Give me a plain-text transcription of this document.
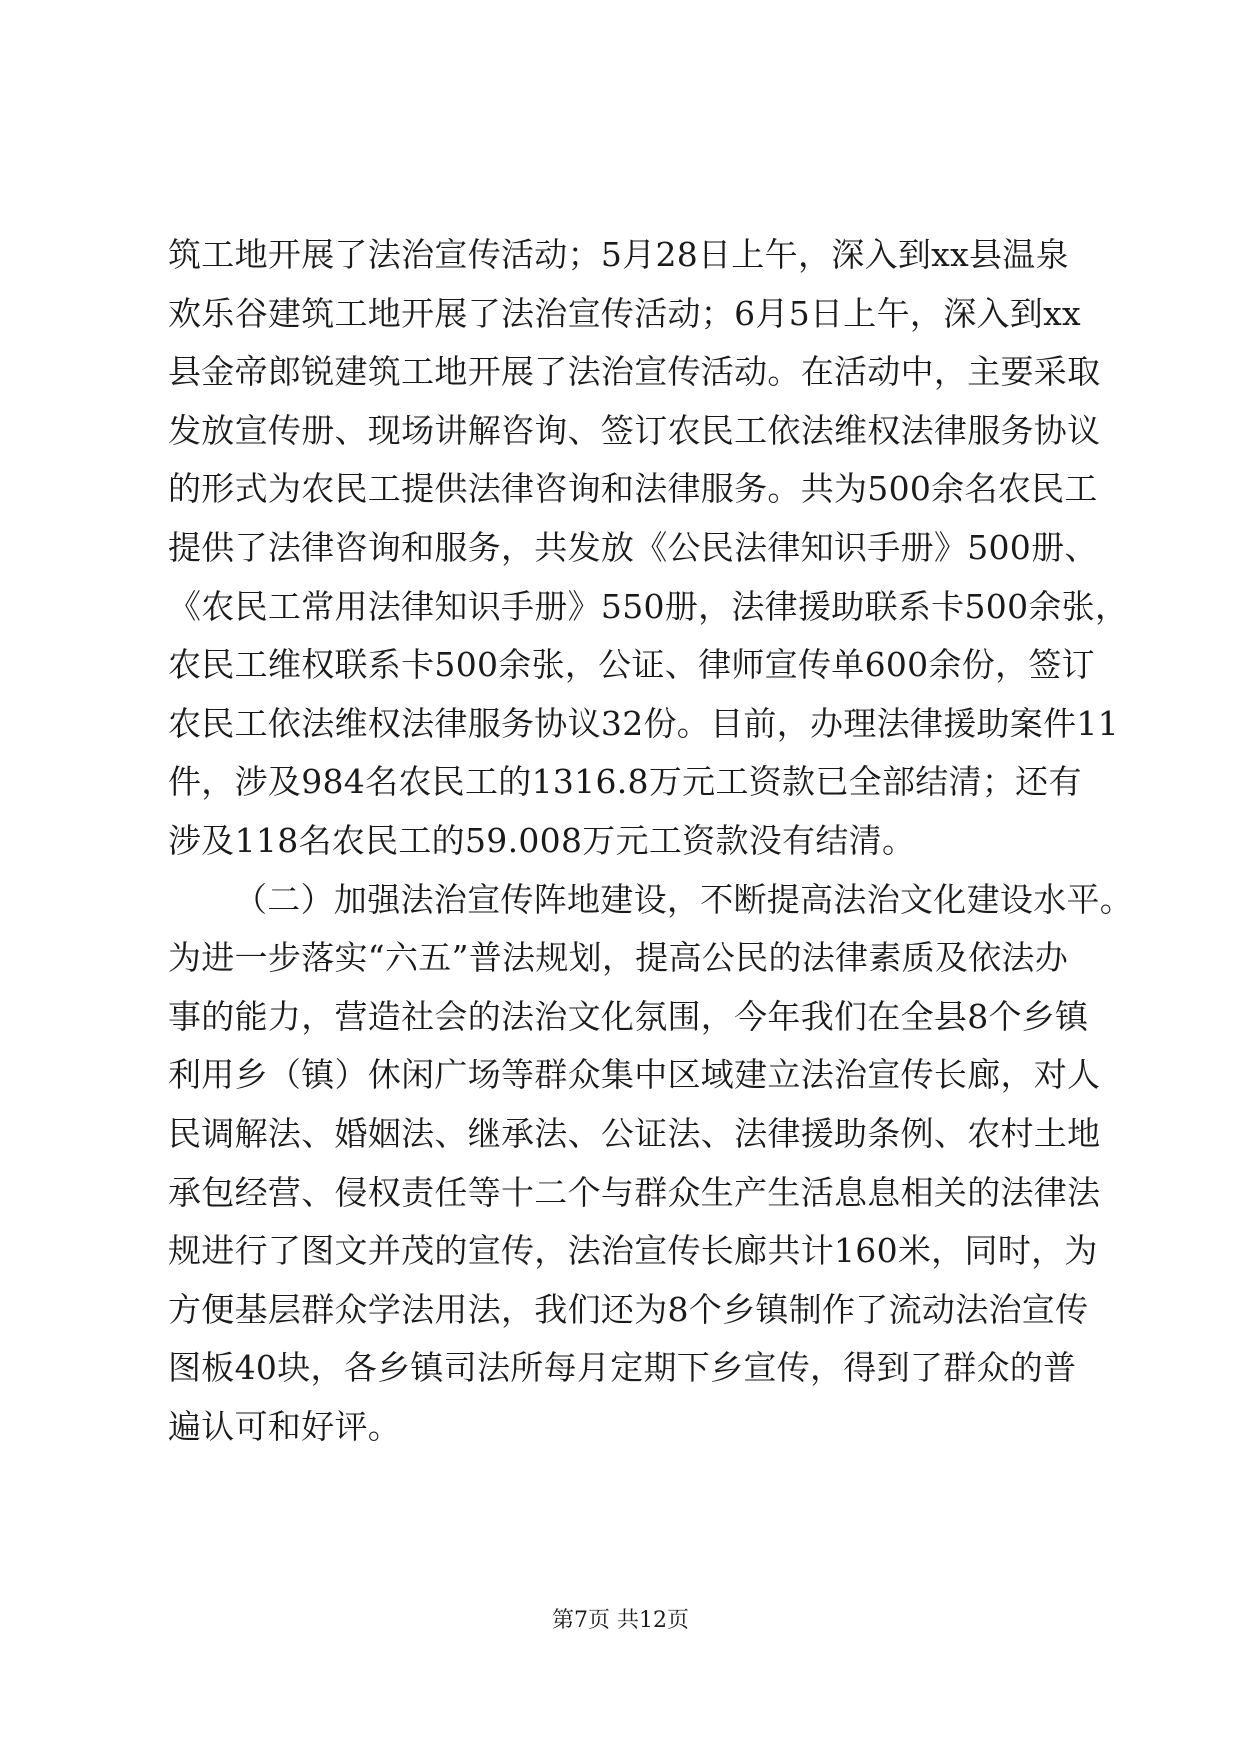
筑工地开展了法治宣传活动；5月28日上午，深入到xx县温泉
欢乐谷建筑工地开展了法治宣传活动；6月5日上午，深入到xx
县金帝郎锐建筑工地开展了法治宣传活动。在活动中，主要采取
发放宣传册、现场讲解咨询、签订农民工依法维权法律服务协议
的形式为农民工提供法律咨询和法律服务。共为500余名农民工
提供了法律咨询和服务，共发放《公民法律知识手册》500册、
《农民工常用法律知识手册》550册，法律援助联系卡500余张，
农民工维权联系卡500余张，公证、律师宣传单600余份，签订
农民工依法维权法律服务协议32份。目前，办理法律援助案件11
件，涉及984名农民工的1316.8万元工资款已全部结清；还有
涉及118名农民工的59.008万元工资款没有结清。
（二）加强法治宣传阵地建设，不断提高法治文化建设水平。
为进一步落实“六五”普法规划，提高公民的法律素质及依法办
事的能力，营造社会的法治文化氛围，今年我们在全县8个乡镇
利用乡（镇）休闲广场等群众集中区域建立法治宣传长廊，对人
民调解法、婚姻法、继承法、公证法、法律援助条例、农村土地
承包经营、侵权责任等十二个与群众生产生活息息相关的法律法
规进行了图文并茂的宣传，法治宣传长廊共计160米，同时，为
方便基层群众学法用法，我们还为8个乡镇制作了流动法治宣传
图板40块，各乡镇司法所每月定期下乡宣传，得到了群众的普
遍认可和好评。
第7页 共12页
